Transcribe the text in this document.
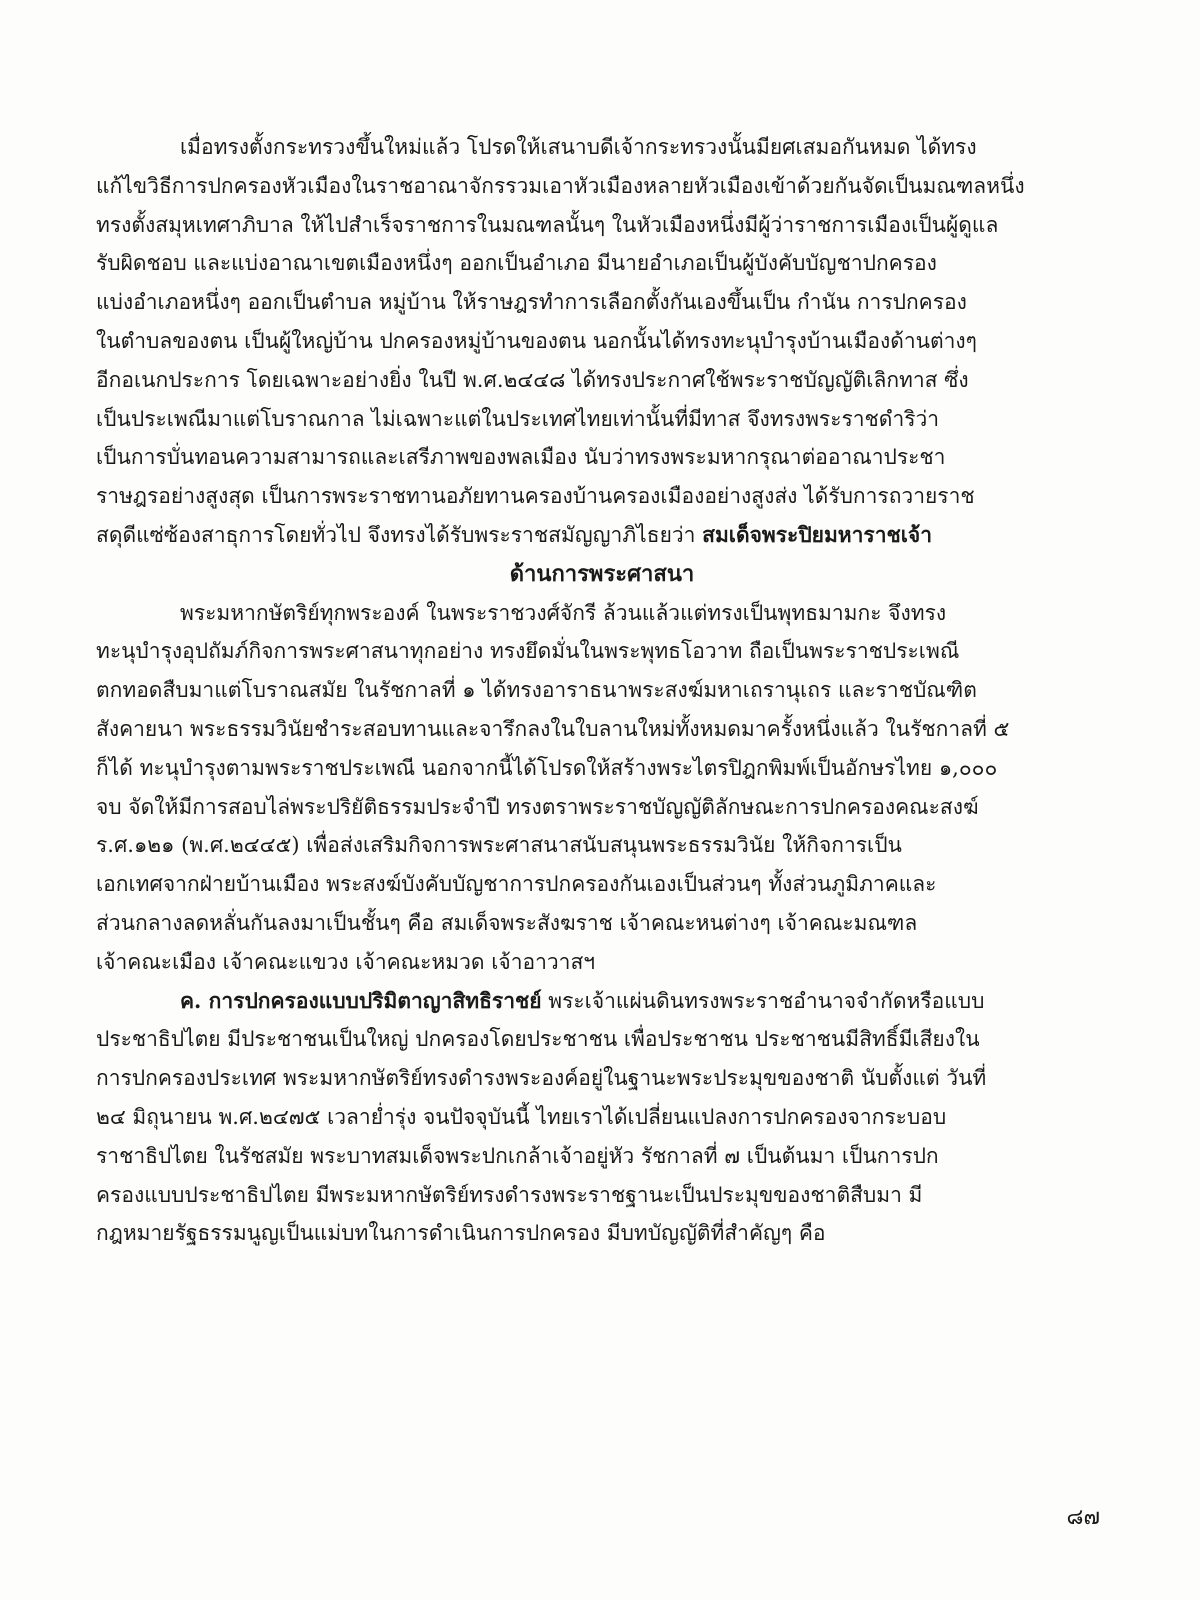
เมื่อทรงตั้งกระทรวงขึ้นใหม่แล้ว โปรดให้เสนาบดีเจ้ากระทรวงนั้นมียศเสมอกันหมด ได้ทรง
แก้ไขวิธีการปกครองหัวเมืองในราชอาณาจักรรวมเอาหัวเมืองหลายหัวเมืองเข้าด้วยกันจัดเป็นมณฑลหนึ่ง
ทรงตั้งสมุหเทศาภิบาล ให้ไปสำเร็จราชการในมณฑลนั้นๆ ในหัวเมืองหนึ่งมีผู้ว่าราชการเมืองเป็นผู้ดูแล
รับผิดชอบ และแบ่งอาณาเขตเมืองหนึ่งๆ ออกเป็นอำเภอ มีนายอำเภอเป็นผู้บังคับบัญชาปกครอง
แบ่งอำเภอหนึ่งๆ ออกเป็นตำบล หมู่บ้าน ให้ราษฎรทำการเลือกตั้งกันเองขึ้นเป็น กำนัน การปกครอง
ในตำบลของตน เป็นผู้ใหญ่บ้าน ปกครองหมู่บ้านของตน นอกนั้นได้ทรงทะนุบำรุงบ้านเมืองด้านต่างๆ
อีกอเนกประการ โดยเฉพาะอย่างยิ่ง ในปี พ.ศ.๒๔๔๘ ได้ทรงประกาศใช้พระราชบัญญัติเลิกทาส ซึ่ง
เป็นประเพณีมาแต่โบราณกาล ไม่เฉพาะแต่ในประเทศไทยเท่านั้นที่มีทาส จึงทรงพระราชดำริว่า
เป็นการบั่นทอนความสามารถและเสรีภาพของพลเมือง นับว่าทรงพระมหากรุณาต่ออาณาประชา
ราษฎรอย่างสูงสุด เป็นการพระราชทานอภัยทานครองบ้านครองเมืองอย่างสูงส่ง ได้รับการถวายราช
สดุดีแซ่ซ้องสาธุการโดยทั่วไป จึงทรงได้รับพระราชสมัญญาภิไธยว่า สมเด็จพระปิยมหาราชเจ้า
ด้านการพระศาสนา
พระมหากษัตริย์ทุกพระองค์ ในพระราชวงศ์จักรี ล้วนแล้วแต่ทรงเป็นพุทธมามกะ จึงทรง
ทะนุบำรุงอุปถัมภ์กิจการพระศาสนาทุกอย่าง ทรงยึดมั่นในพระพุทธโอวาท ถือเป็นพระราชประเพณี
ตกทอดสืบมาแต่โบราณสมัย ในรัชกาลที่ ๑ ได้ทรงอาราธนาพระสงฆ์มหาเถรานุเถร และราชบัณฑิต
สังคายนา พระธรรมวินัยชำระสอบทานและจารึกลงในใบลานใหม่ทั้งหมดมาครั้งหนึ่งแล้ว ในรัชกาลที่ ๕
ก็ได้ ทะนุบำรุงตามพระราชประเพณี นอกจากนี้ได้โปรดให้สร้างพระไตรปิฎกพิมพ์เป็นอักษรไทย ๑,๐๐๐
จบ จัดให้มีการสอบไล่พระปริยัติธรรมประจำปี ทรงตราพระราชบัญญัติลักษณะการปกครองคณะสงฆ์
ร.ศ.๑๒๑ (พ.ศ.๒๔๔๕) เพื่อส่งเสริมกิจการพระศาสนาสนับสนุนพระธรรมวินัย ให้กิจการเป็น
เอกเทศจากฝ่ายบ้านเมือง พระสงฆ์บังคับบัญชาการปกครองกันเองเป็นส่วนๆ ทั้งส่วนภูมิภาคและ
ส่วนกลางลดหลั่นกันลงมาเป็นชั้นๆ คือ สมเด็จพระสังฆราช เจ้าคณะหนต่างๆ เจ้าคณะมณฑล
เจ้าคณะเมือง เจ้าคณะแขวง เจ้าคณะหมวด เจ้าอาวาสฯ
ค. การปกครองแบบปริมิตาญาสิทธิราชย์ พระเจ้าแผ่นดินทรงพระราชอำนาจจำกัดหรือแบบ
ประชาธิปไตย มีประชาชนเป็นใหญ่ ปกครองโดยประชาชน เพื่อประชาชน ประชาชนมีสิทธิ์มีเสียงใน
การปกครองประเทศ พระมหากษัตริย์ทรงดำรงพระองค์อยู่ในฐานะพระประมุขของชาติ นับตั้งแต่ วันที่
๒๔ มิถุนายน พ.ศ.๒๔๗๕ เวลาย่ำรุ่ง จนปัจจุบันนี้ ไทยเราได้เปลี่ยนแปลงการปกครองจากระบอบ
ราชาธิปไตย ในรัชสมัย พระบาทสมเด็จพระปกเกล้าเจ้าอยู่หัว รัชกาลที่ ๗ เป็นต้นมา เป็นการปก
ครองแบบประชาธิปไตย มีพระมหากษัตริย์ทรงดำรงพระราชฐานะเป็นประมุขของชาติสืบมา มี
กฎหมายรัฐธรรมนูญเป็นแม่บทในการดำเนินการปกครอง มีบทบัญญัติที่สำคัญๆ คือ
๘๗
